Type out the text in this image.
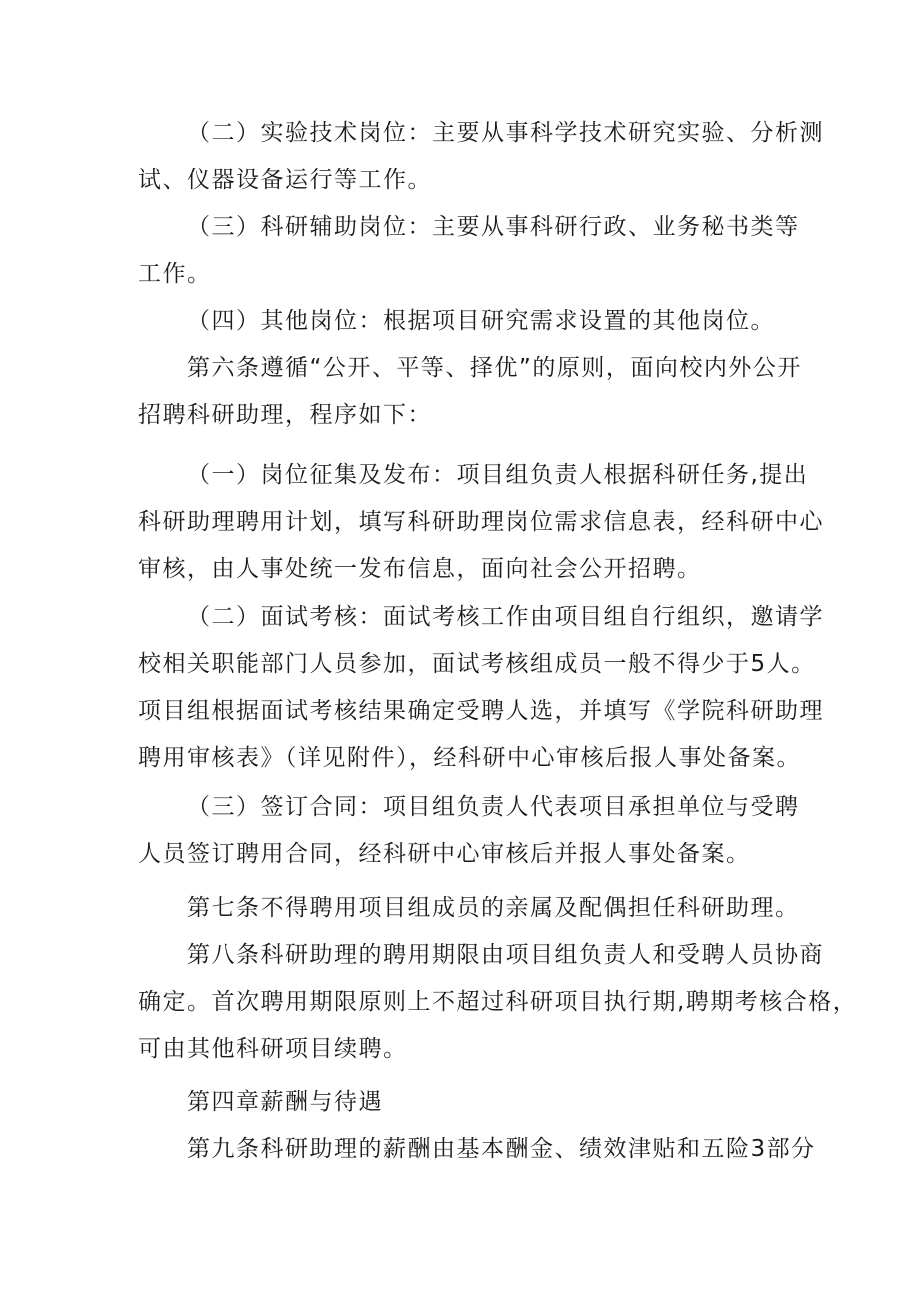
（二）实验技术岗位：主要从事科学技术研究实验、分析测
试、仪器设备运行等工作。
（三）科研辅助岗位：主要从事科研行政、业务秘书类等
工作。
（四）其他岗位：根据项目研究需求设置的其他岗位。
第六条遵循“公开、平等、择优”的原则，面向校内外公开
招聘科研助理，程序如下：
（一）岗位征集及发布：项目组负责人根据科研任务,提出
科研助理聘用计划，填写科研助理岗位需求信息表，经科研中心
审核，由人事处统一发布信息，面向社会公开招聘。
（二）面试考核：面试考核工作由项目组自行组织，邀请学
校相关职能部门人员参加，面试考核组成员一般不得少于5人。
项目组根据面试考核结果确定受聘人选，并填写《学院科研助理
聘用审核表》（详见附件），经科研中心审核后报人事处备案。
（三）签订合同：项目组负责人代表项目承担单位与受聘
人员签订聘用合同，经科研中心审核后并报人事处备案。
第七条不得聘用项目组成员的亲属及配偶担任科研助理。
第八条科研助理的聘用期限由项目组负责人和受聘人员协商
确定。首次聘用期限原则上不超过科研项目执行期,聘期考核合格，
可由其他科研项目续聘。
第四章薪酬与待遇
第九条科研助理的薪酬由基本酬金、绩效津贴和五险3部分
